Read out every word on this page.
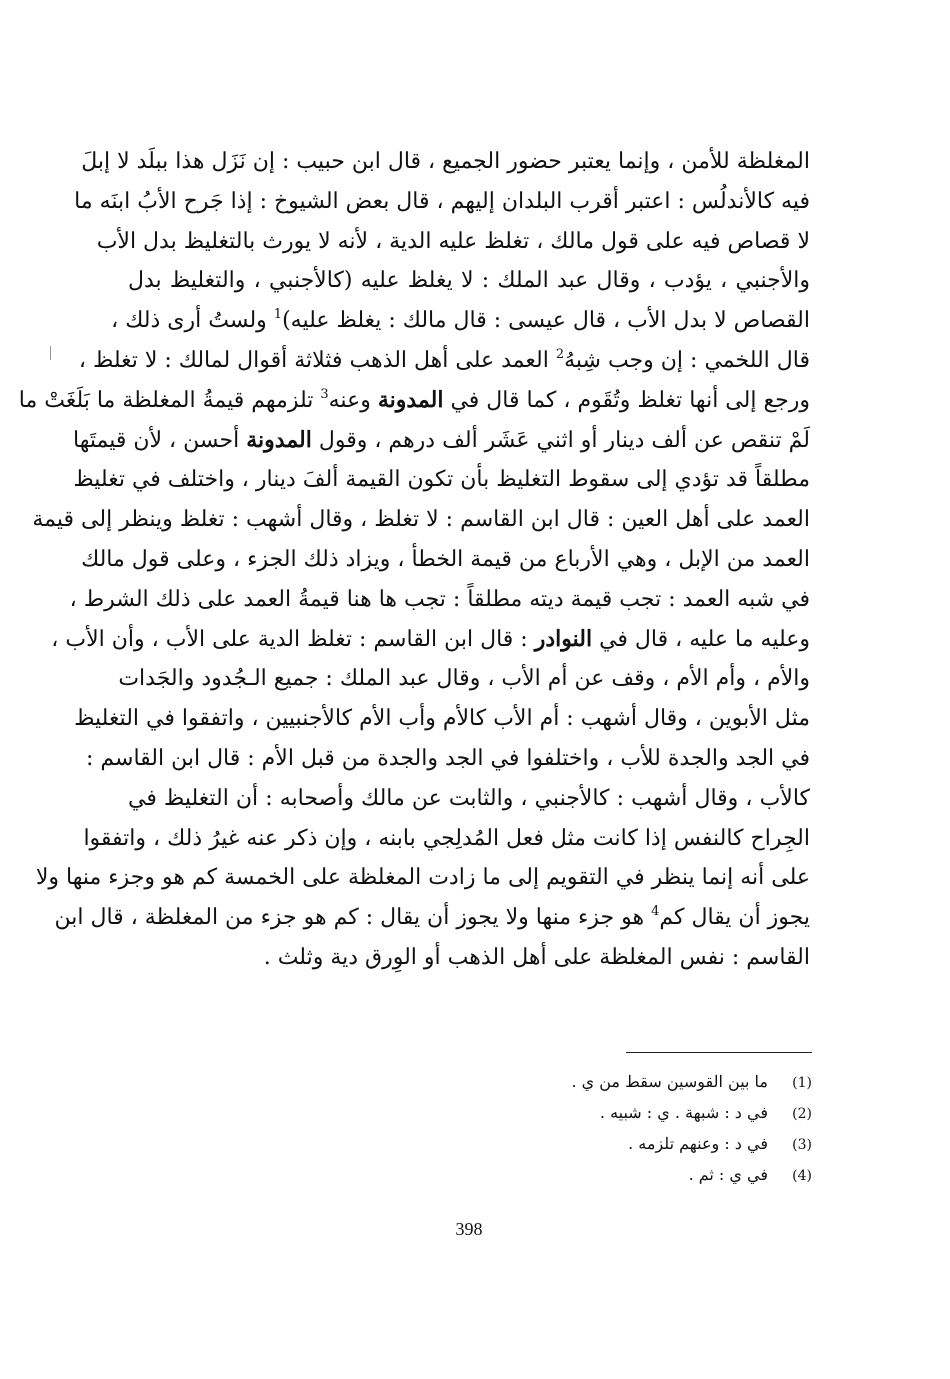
المغلظة للأمن ، وإنما يعتبر حضور الجميع ، قال ابن حبيب : إن نَزَل هذا ببلَد لا إبلَ
فيه كالأندلُس : اعتبر أقرب البلدان إليهم ، قال بعض الشيوخ : إذا جَرح الأبُ ابنَه ما
لا قصاص فيه على قول مالك ، تغلظ عليه الدية ، لأنه لا يورث بالتغليظ بدل الأب
والأجنبي ، يؤدب ، وقال عبد الملك : لا يغلظ عليه (كالأجنبي ، والتغليظ بدل
القصاص لا بدل الأب ، قال عيسى : قال مالك : يغلظ عليه)$^1$ ولستُ أرى ذلك ،
قال اللخمي : إن وجب شِبهُ$^2$ العمد على أهل الذهب فثلاثة أقوال لمالك : لا تغلظ ،
ورجع إلى أنها تغلظ وتُقَوم ، كما قال في المدونة وعنه$^3$ تلزمهم قيمةُ المغلظة ما بَلَغَتْ ما
لَمْ تنقص عن ألف دينار أو اثني عَشَر ألف درهم ، وقول المدونة أحسن ، لأن قيمتَها
مطلقاً قد تؤدي إلى سقوط التغليظ بأن تكون القيمة ألفَ دينار ، واختلف في تغليظ
العمد على أهل العين : قال ابن القاسم : لا تغلظ ، وقال أشهب : تغلظ وينظر إلى قيمة
العمد من الإبل ، وهي الأرباع من قيمة الخطأ ، ويزاد ذلك الجزء ، وعلى قول مالك
في شبه العمد : تجب قيمة ديته مطلقاً : تجب ها هنا قيمةُ العمد على ذلك الشرط ،
وعليه ما عليه ، قال في النوادر : قال ابن القاسم : تغلظ الدية على الأب ، وأن الأب ،
والأم ، وأم الأم ، وقف عن أم الأب ، وقال عبد الملك : جميع الـجُدود والجَدات
مثل الأبوين ، وقال أشهب : أم الأب كالأم وأب الأم كالأجنبيين ، واتفقوا في التغليظ
في الجد والجدة للأب ، واختلفوا في الجد والجدة من قبل الأم : قال ابن القاسم :
كالأب ، وقال أشهب : كالأجنبي ، والثابت عن مالك وأصحابه : أن التغليظ في
الجِراح كالنفس إذا كانت مثل فعل المُدلِجي بابنه ، وإن ذكر عنه غيرُ ذلك ، واتفقوا
على أنه إنما ينظر في التقويم إلى ما زادت المغلظة على الخمسة كم هو وجزء منها ولا
يجوز أن يقال كم$^4$ هو جزء منها ولا يجوز أن يقال : كم هو جزء من المغلظة ، قال ابن
القاسم : نفس المغلظة على أهل الذهب أو الوِرق دية وثلث .
(1)
ما بين القوسين سقط من ي .
(2)
في د : شبهة . ي : شبيه .
(3)
في د : وعنهم تلزمه .
(4)
في ي : ثم .
398
